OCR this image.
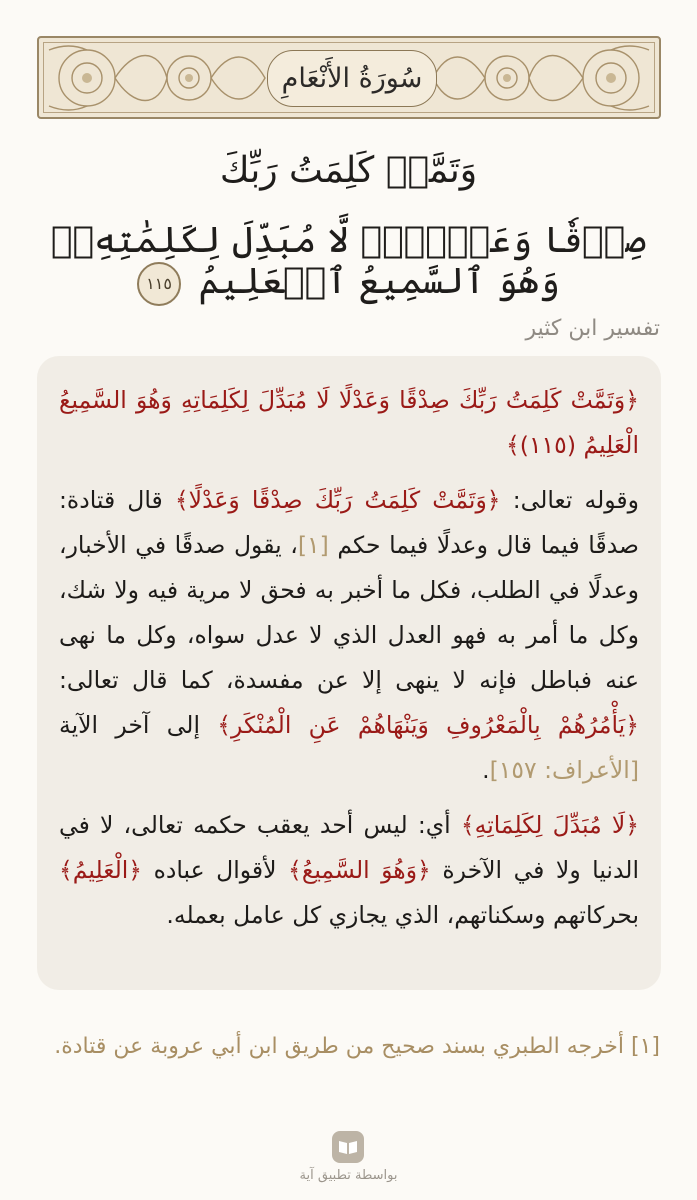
سُورَةُ الأَنْعَامِ
وَتَمَّتۡ كَلِمَتُ رَبِّكَ
صِدۡقٗا وَعَدۡلٗاۚ لَّا مُبَدِّلَ لِكَلِمَٰتِهِۦۚ وَهُوَ ٱلسَّمِيعُ ٱلۡعَلِيمُ ١١٥
تفسير ابن كثير

﴿وَتَمَّتْ كَلِمَتُ رَبِّكَ صِدْقًا وَعَدْلًا لَا مُبَدِّلَ لِكَلِمَاتِهِ وَهُوَ السَّمِيعُ الْعَلِيمُ (١١٥)﴾

وقوله تعالى: ﴿وَتَمَّتْ كَلِمَتُ رَبِّكَ صِدْقًا وَعَدْلًا﴾ قال قتادة: صدقًا فيما قال وعدلًا فيما حكم [١]، يقول صدقًا في الأخبار، وعدلًا في الطلب، فكل ما أخبر به فحق لا مرية فيه ولا شك، وكل ما أمر به فهو العدل الذي لا عدل سواه، وكل ما نهى عنه فباطل فإنه لا ينهى إلا عن مفسدة، كما قال تعالى: ﴿يَأْمُرُهُمْ بِالْمَعْرُوفِ وَيَنْهَاهُمْ عَنِ الْمُنْكَرِ﴾ إلى آخر الآية [الأعراف: ١٥٧].

﴿لَا مُبَدِّلَ لِكَلِمَاتِهِ﴾ أي: ليس أحد يعقب حكمه تعالى، لا في الدنيا ولا في الآخرة ﴿وَهُوَ السَّمِيعُ﴾ لأقوال عباده ﴿الْعَلِيمُ﴾ بحركاتهم وسكناتهم، الذي يجازي كل عامل بعمله.

[١] أخرجه الطبري بسند صحيح من طريق ابن أبي عروبة عن قتادة.
بواسطة تطبيق آية
